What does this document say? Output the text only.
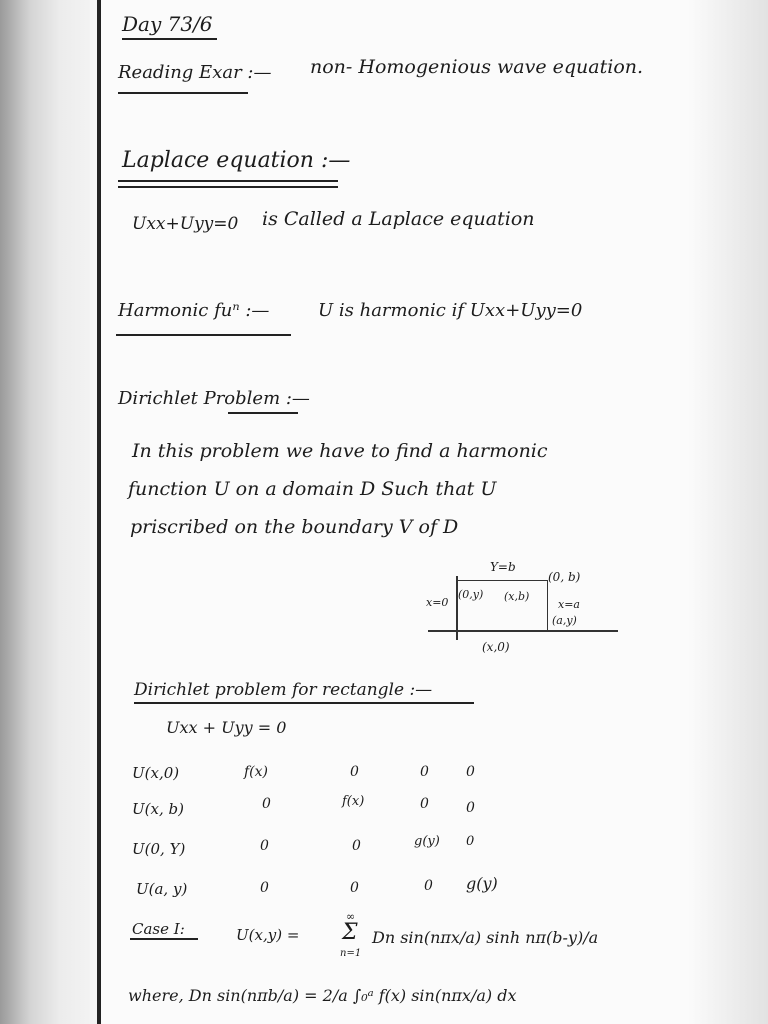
Day 73/6
Reading Exar :— non- Homogenious wave equation.
Laplace equation :—
Uxx+Uyy=0 is Called a Laplace equation
Harmonic fuⁿ :—	U is harmonic if Uxx+Uyy=0
Dirichlet Problem :—
In this problem we have to find a harmonic
function U on a domain D Such that U
priscribed on the boundary V of D
Y=b
(0, b)
x=0
(0,y) (x,b)
x=a
(a,y)
(x,0)
Dirichlet problem for rectangle :—
Uxx + Uyy = 0
U(x,0)	f(x)	0	0	0
U(x, b)	0	f(x)	0	0
U(0, Y)	0	0	g(y) 0
U(a, y)	0	0	0 g(y)
Case I:	U(x,y) =
∞
Σ
n=1
Dn sin(nπx/a) sinh nπ(b-y)/a
where, Dn sin(nπb/a) = 2/a ∫₀ᵃ f(x) sin(nπx/a) dx
